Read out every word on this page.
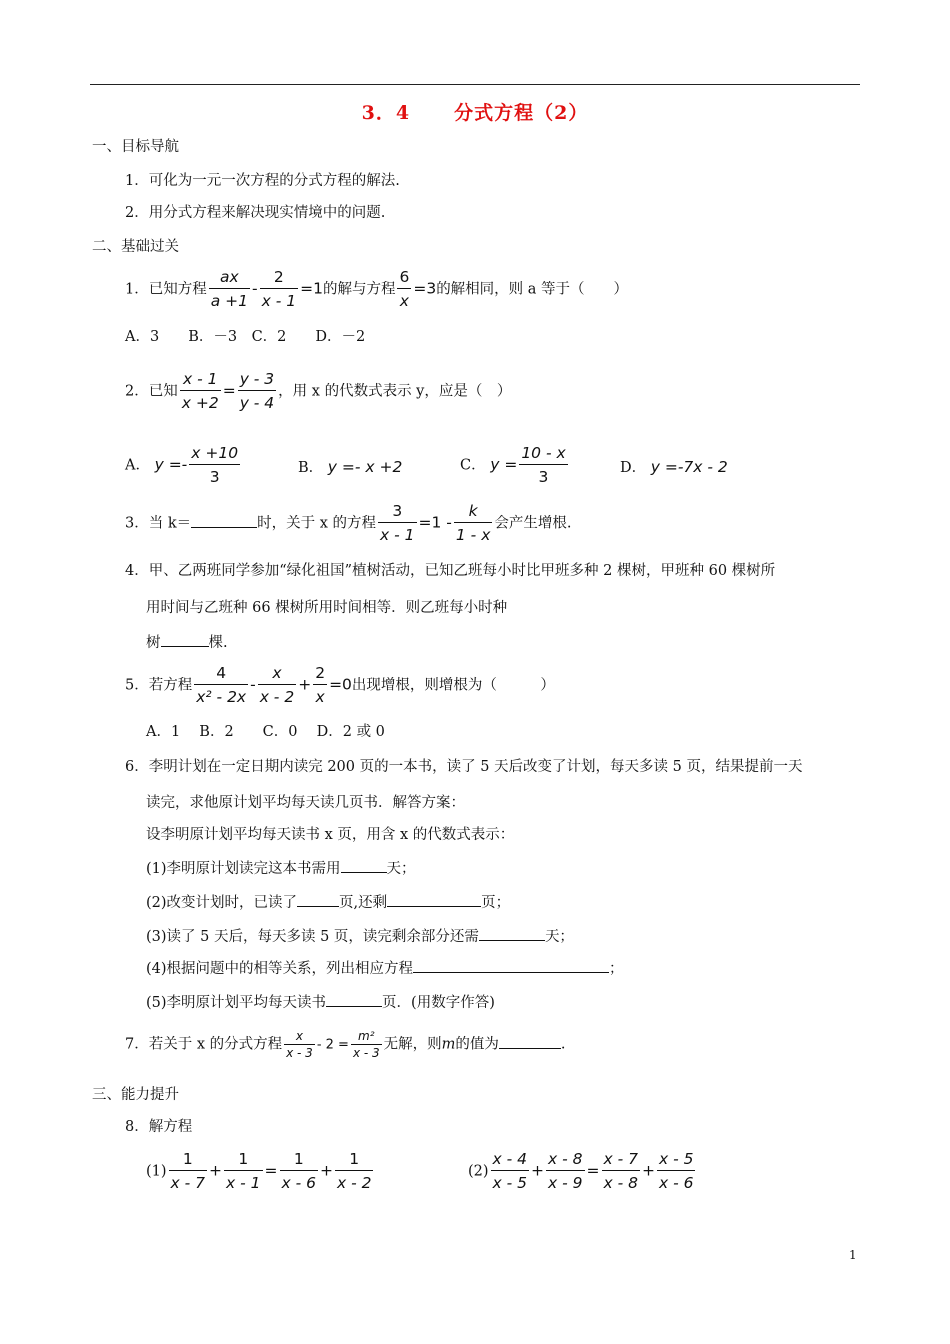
3．4 分式方程（2）
一、目标导航
1．可化为一元一次方程的分式方程的解法.
2．用分式方程来解决现实情境中的问题.
二、基础过关
1．已知方程 $\frac{ax}{a +1} - \frac{2}{x - 1} =1$的解与方程 $\frac{6}{x} =3$的解相同，则 a 等于（　　）
A．3　　B．－3　C．2　　D．－2
2．已知 $\frac{x - 1}{x +2} = \frac{y - 3}{y - 4}$ ，用 x 的代数式表示 y，应是（　）
A． $y =- \frac{x +10}{3}$	B． y =- x +2	C． $y = \frac{10 - x}{3}$	D． y =-7x - 2
3．当 k＝	时，关于 x 的方程 $\frac{3}{x - 1} =1 - \frac{k}{1 - x}$ 会产生增根.
4．甲、乙两班同学参加“绿化祖国”植树活动，已知乙班每小时比甲班多种 2 棵树，甲班种 60 棵树所
用时间与乙班种 66 棵树所用时间相等．则乙班每小时种
树	棵.
5．若方程 $\frac{4}{\text{x² - 2x}} - \frac{x}{x - 2} + \frac{2}{x} =0$出现增根，则增根为（　　　）
A．1　 B．2　　C．0　 D．2 或 0
6．李明计划在一定日期内读完 200 页的一本书，读了 5 天后改变了计划，每天多读 5 页，结果提前一天
读完，求他原计划平均每天读几页书．解答方案：
设李明原计划平均每天读书 x 页，用含 x 的代数式表示：
(1)李明原计划读完这本书需用	天；
(2)改变计划时，已读了	页,还剩	页；
(3)读了 5 天后，每天多读 5 页，读完剩余部分还需	天；
(4)根据问题中的相等关系，列出相应方程	；
(5)李明原计划平均每天读书	页．(用数字作答)
7．若关于 x 的分式方程 $\frac{x}{x - 3} - 2 = \frac{\text{m²}}{x - 3}$ 无解，则m的值为	.
三、能力提升
8．解方程
$(1) \frac{1}{x - 7} + \frac{1}{x - 1} = \frac{1}{x - 6} + \frac{1}{x - 2}$	$(2) \frac{x - 4}{x - 5} + \frac{x - 8}{x - 9} = \frac{x - 7}{x - 8} + \frac{x - 5}{x - 6}$
1
